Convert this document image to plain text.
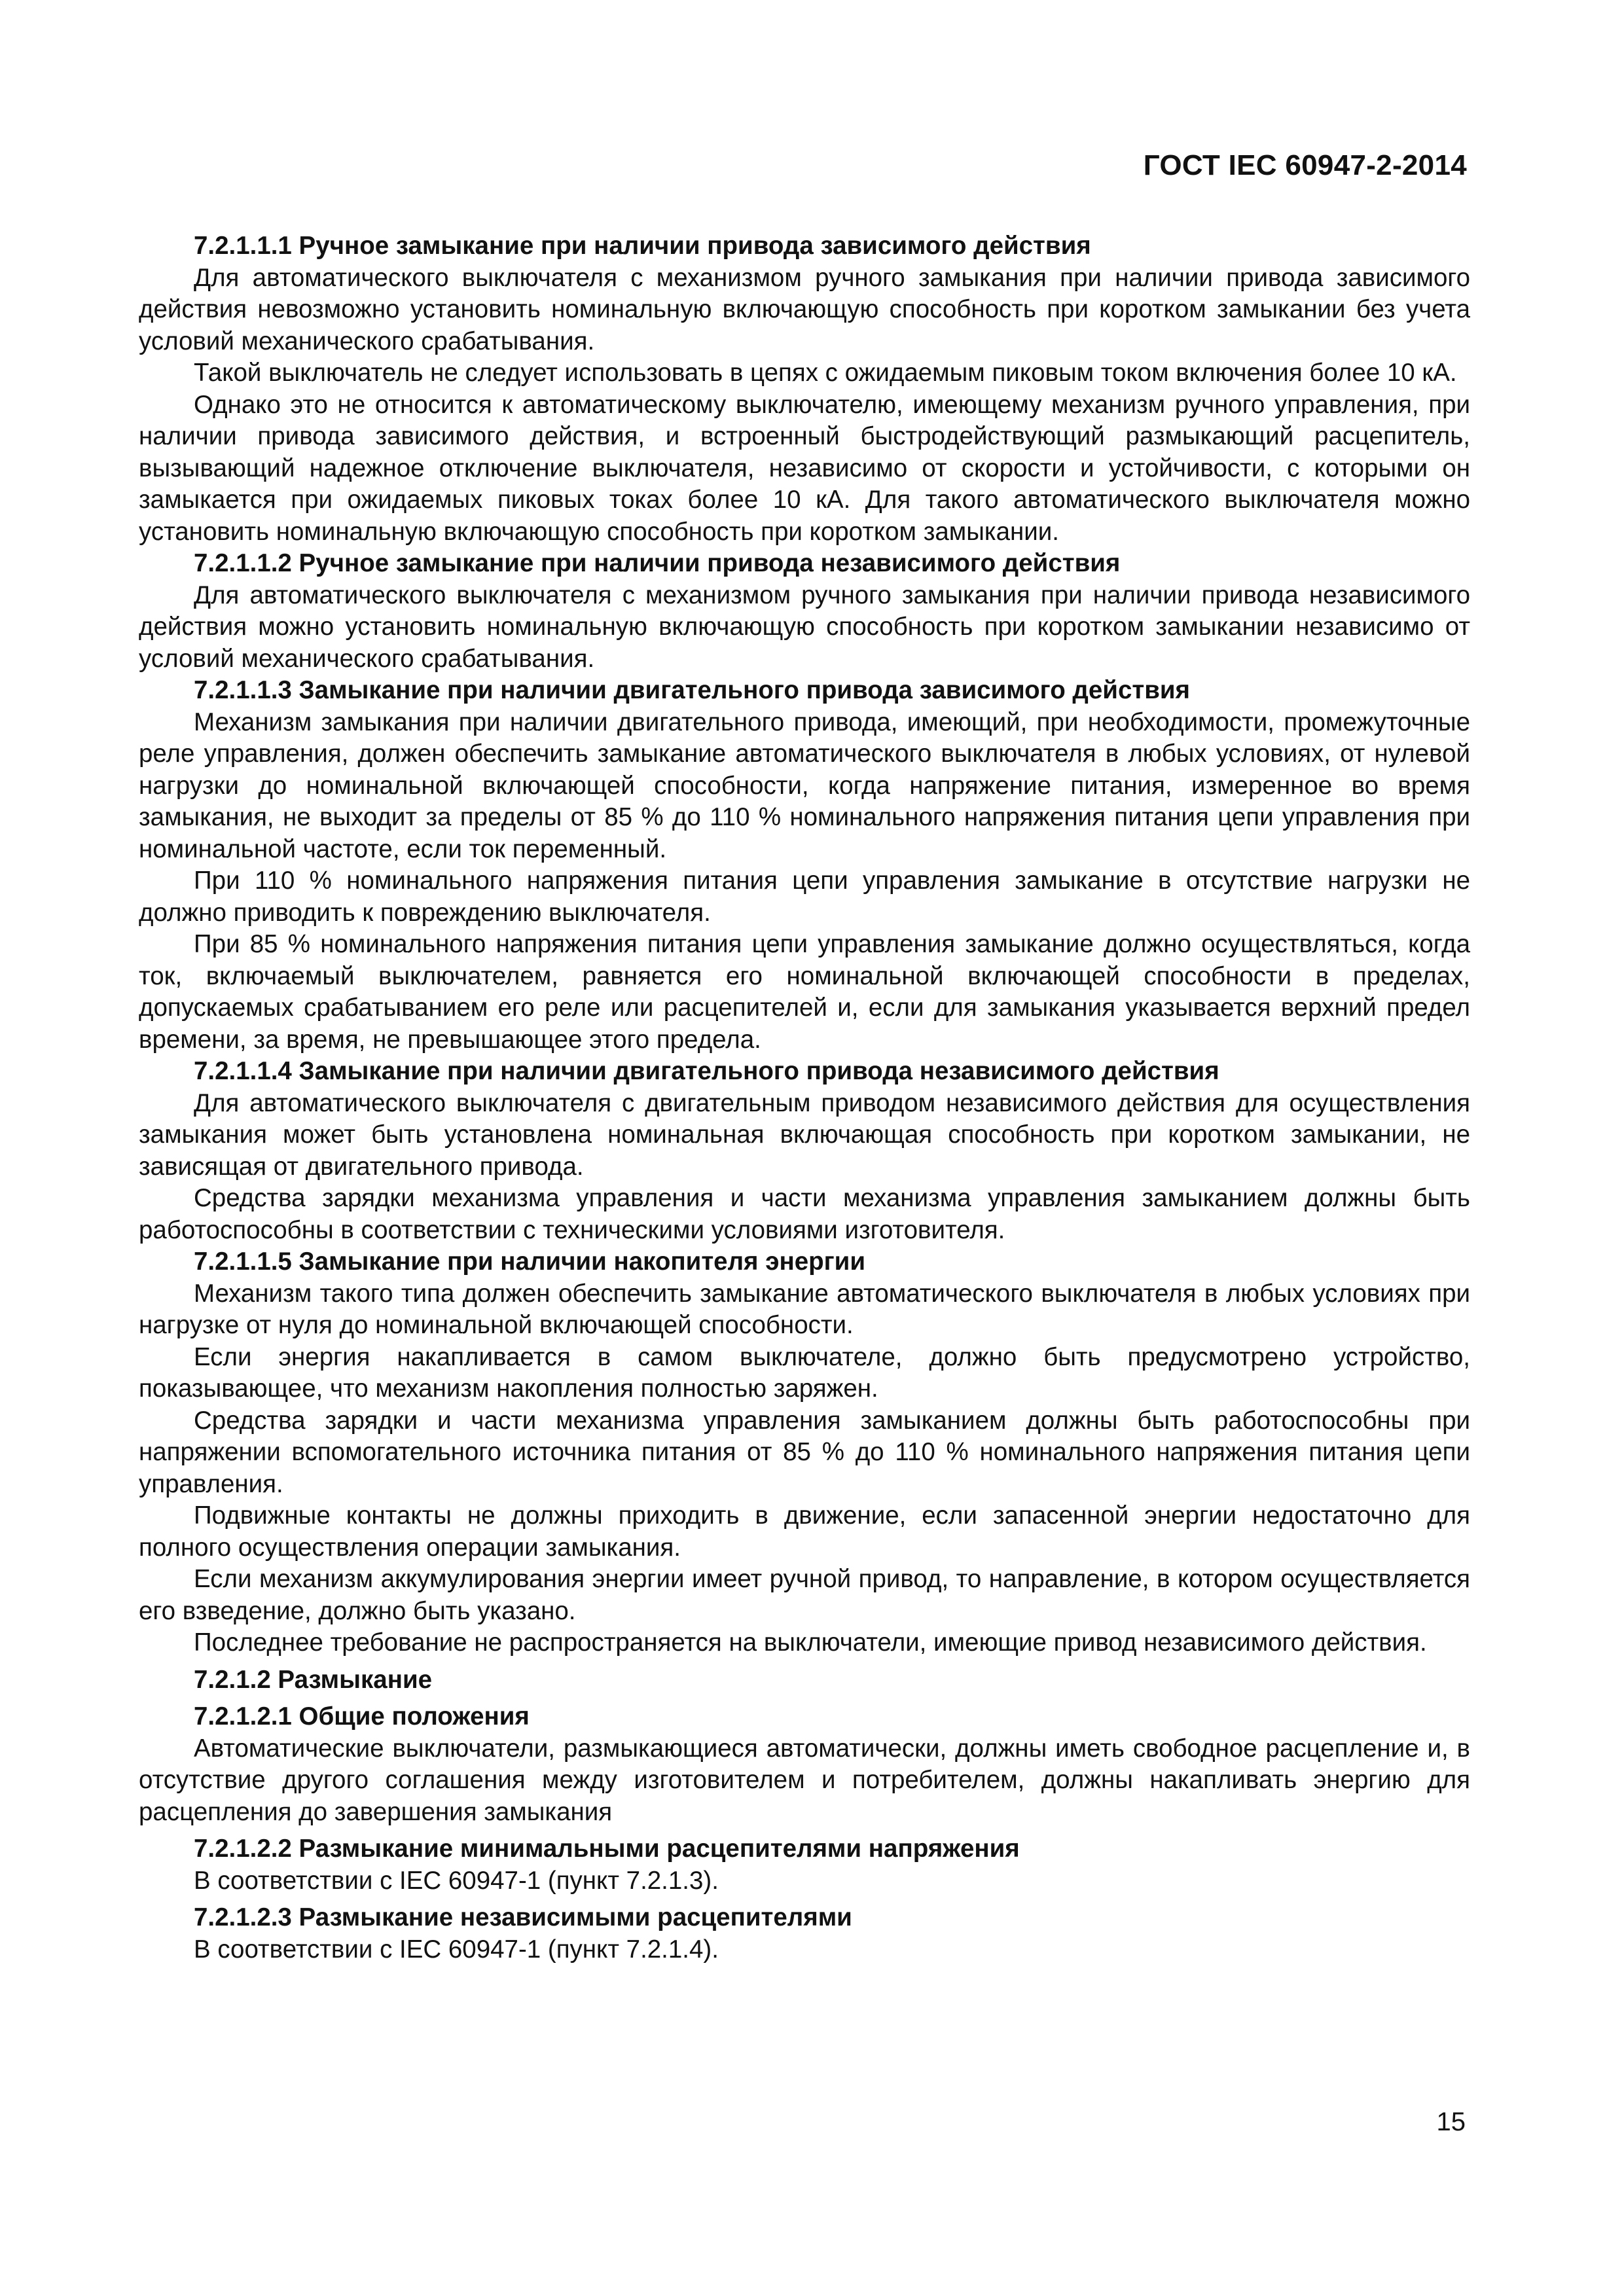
ГОСТ IEC 60947-2-2014

7.2.1.1.1 Ручное замыкание при наличии привода зависимого действия

Для автоматического выключателя с механизмом ручного замыкания при наличии привода зависимого действия невозможно установить номинальную включающую способность при коротком замыкании без учета условий механического срабатывания.

Такой выключатель не следует использовать в цепях с ожидаемым пиковым током включения более 10 кА.

Однако это не относится к автоматическому выключателю, имеющему механизм ручного управления, при наличии привода зависимого действия, и встроенный быстродействующий размыкающий расцепитель, вызывающий надежное отключение выключателя, независимо от скорости и устойчивости, с которыми он замыкается при ожидаемых пиковых токах более 10 кА. Для такого автоматического выключателя можно установить номинальную включающую способность при коротком замыкании.

7.2.1.1.2 Ручное замыкание при наличии привода независимого действия

Для автоматического выключателя с механизмом ручного замыкания при наличии привода независимого действия можно установить номинальную включающую способность при коротком замыкании независимо от условий механического срабатывания.

7.2.1.1.3 Замыкание при наличии двигательного привода зависимого действия

Механизм замыкания при наличии двигательного привода, имеющий, при необходимости, промежуточные реле управления, должен обеспечить замыкание автоматического выключателя в любых условиях, от нулевой нагрузки до номинальной включающей способности, когда напряжение питания, измеренное во время замыкания, не выходит за пределы от 85 % до 110 % номинального напряжения питания цепи управления при номинальной частоте, если ток переменный.

При 110 % номинального напряжения питания цепи управления замыкание в отсутствие нагрузки не должно приводить к повреждению выключателя.

При 85 % номинального напряжения питания цепи управления замыкание должно осуществляться, когда ток, включаемый выключателем, равняется его номинальной включающей способности в пределах, допускаемых срабатыванием его реле или расцепителей и, если для замыкания указывается верхний предел времени, за время, не превышающее этого предела.

7.2.1.1.4 Замыкание при наличии двигательного привода независимого действия

Для автоматического выключателя с двигательным приводом независимого действия для осуществления замыкания может быть установлена номинальная включающая способность при коротком замыкании, не зависящая от двигательного привода.

Средства зарядки механизма управления и части механизма управления замыканием должны быть работоспособны в соответствии с техническими условиями изготовителя.

7.2.1.1.5 Замыкание при наличии накопителя энергии

Механизм такого типа должен обеспечить замыкание автоматического выключателя в любых условиях при нагрузке от нуля до номинальной включающей способности.

Если энергия накапливается в самом выключателе, должно быть предусмотрено устройство, показывающее, что механизм накопления полностью заряжен.

Средства зарядки и части механизма управления замыканием должны быть работоспособны при напряжении вспомогательного источника питания от 85 % до 110 % номинального напряжения питания цепи управления.

Подвижные контакты не должны приходить в движение, если запасенной энергии недостаточно для полного осуществления операции замыкания.

Если механизм аккумулирования энергии имеет ручной привод, то направление, в котором осуществляется его взведение, должно быть указано.

Последнее требование не распространяется на выключатели, имеющие привод независимого действия.

7.2.1.2 Размыкание

7.2.1.2.1 Общие положения

Автоматические выключатели, размыкающиеся автоматически, должны иметь свободное расцепление и, в отсутствие другого соглашения между изготовителем и потребителем, должны накапливать энергию для расцепления до завершения замыкания

7.2.1.2.2 Размыкание минимальными расцепителями напряжения

В соответствии с IEC 60947-1 (пункт 7.2.1.3).

7.2.1.2.3 Размыкание независимыми расцепителями

В соответствии с IEC 60947-1 (пункт 7.2.1.4).

15
